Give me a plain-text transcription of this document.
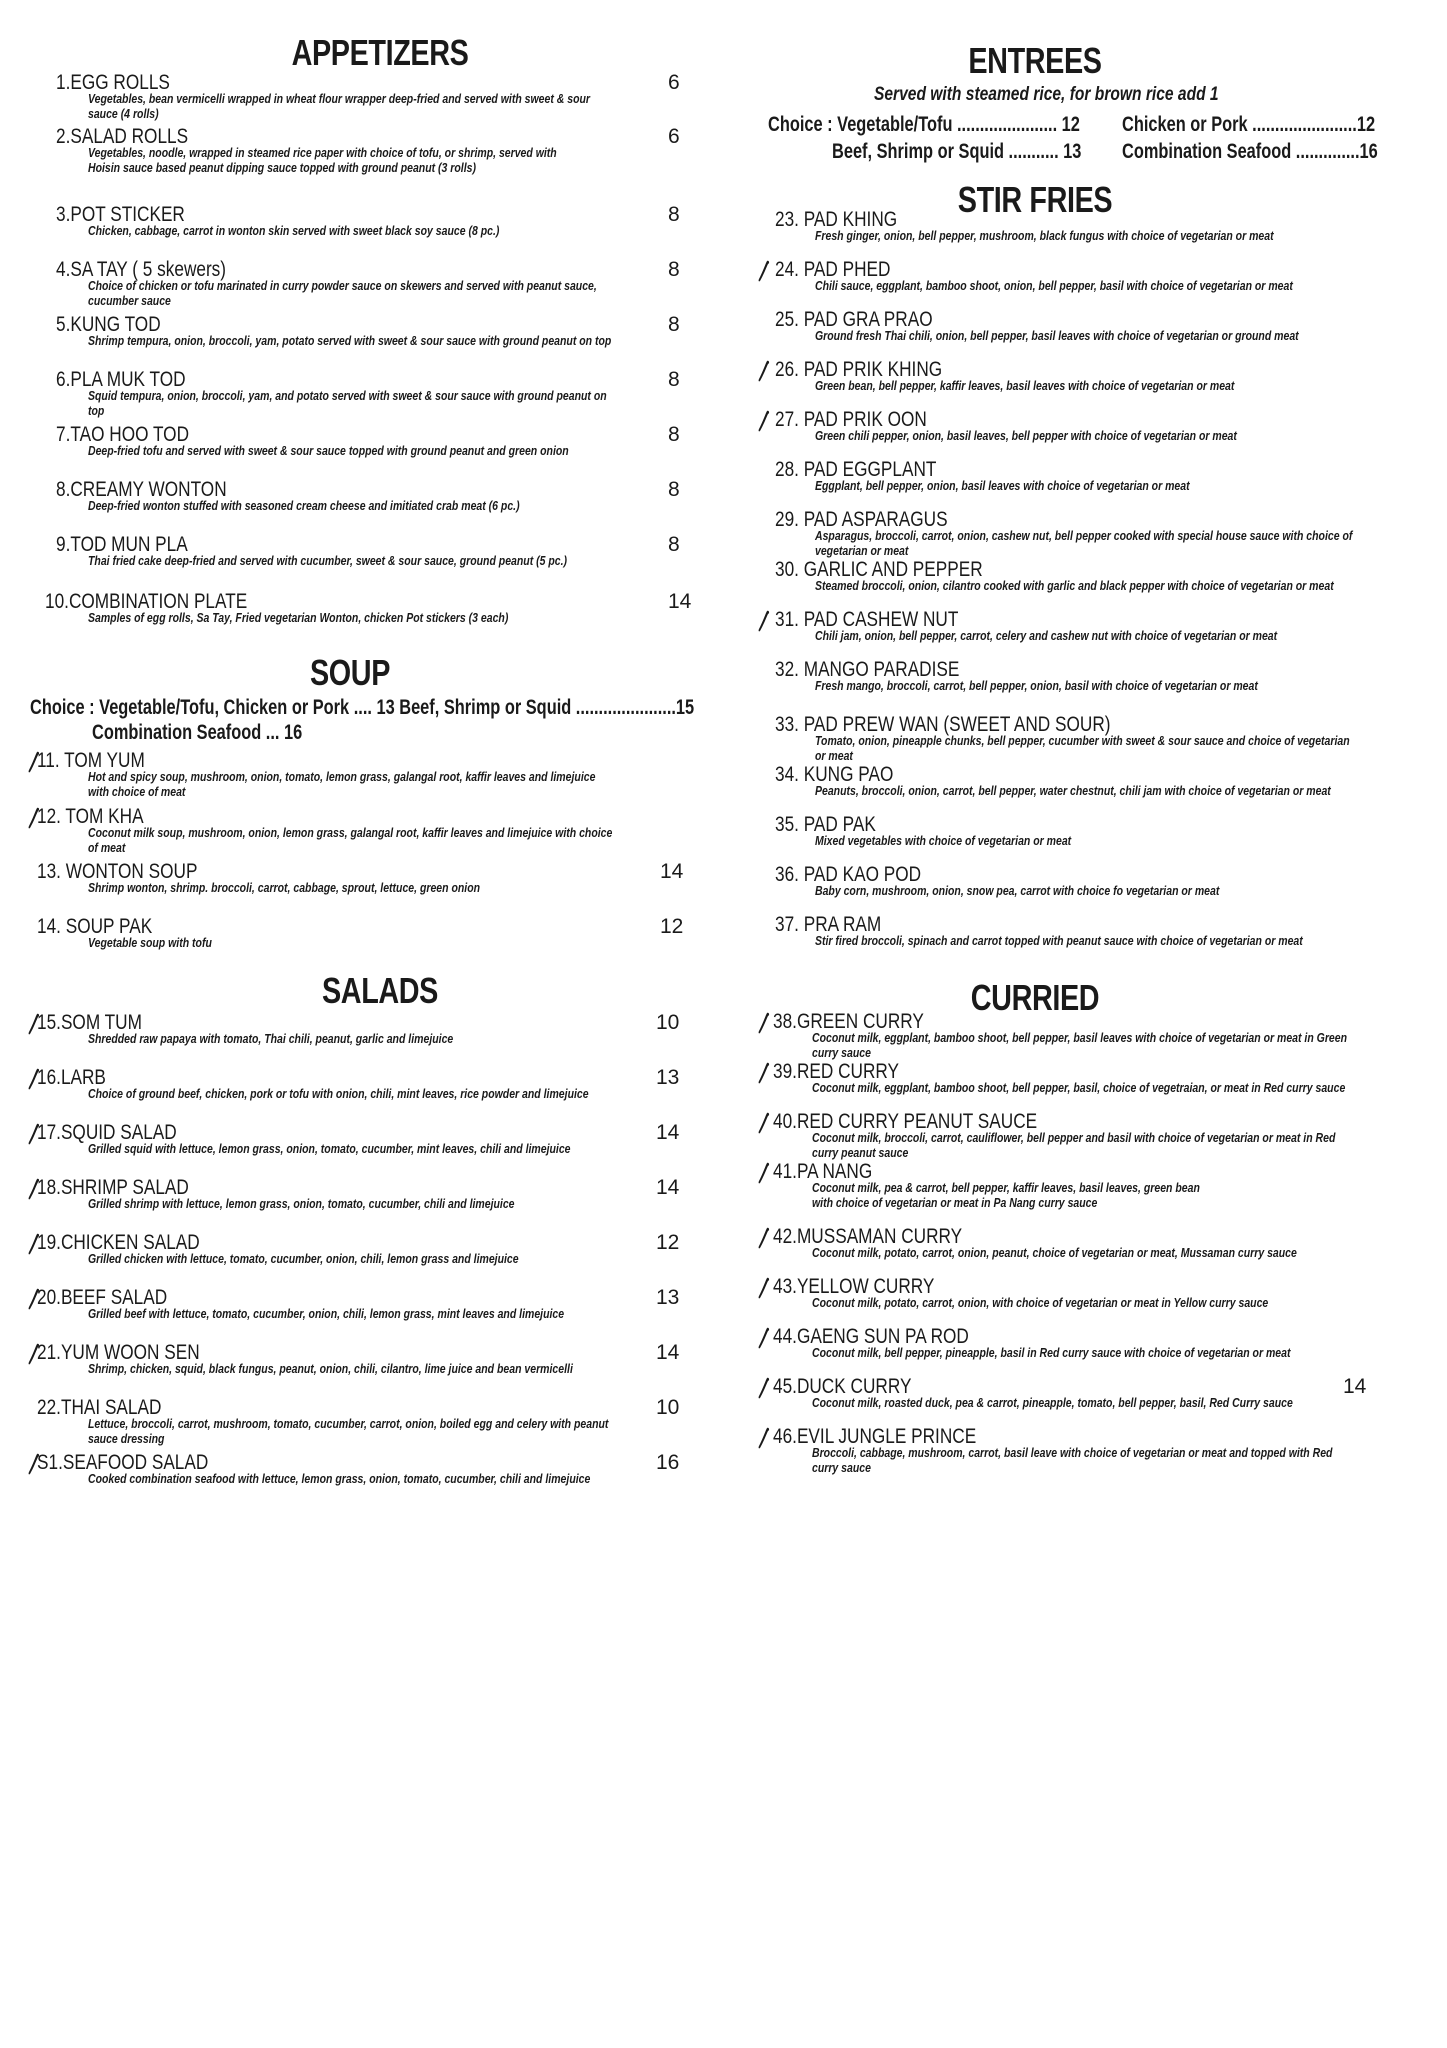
APPETIZERS
1.EGG ROLLS	6
Vegetables, bean vermicelli wrapped in wheat flour wrapper deep-fried and served with sweet & sour sauce (4 rolls)
2.SALAD ROLLS	6
Vegetables, noodle, wrapped in steamed rice paper with choice of tofu, or shrimp, served with
Hoisin sauce based peanut dipping sauce topped with ground peanut (3 rolls)
3.POT STICKER	8
Chicken, cabbage, carrot in wonton skin served with sweet black soy sauce (8 pc.)
4.SA TAY ( 5 skewers)	8
Choice of chicken or tofu marinated in curry powder sauce on skewers and served with peanut sauce, cucumber sauce
5.KUNG TOD	8
Shrimp tempura, onion, broccoli, yam, potato served with sweet & sour sauce with ground peanut on top
6.PLA MUK TOD	8
Squid tempura, onion, broccoli, yam, and potato served with sweet & sour sauce with ground peanut on top
7.TAO HOO TOD	8
Deep-fried tofu and served with sweet & sour sauce topped with ground peanut and green onion
8.CREAMY WONTON	8
Deep-fried wonton stuffed with seasoned cream cheese and imitiated crab meat (6 pc.)
9.TOD MUN PLA	8
Thai fried cake deep-fried and served with cucumber, sweet & sour sauce, ground peanut (5 pc.)
10.COMBINATION PLATE	14
Samples of egg rolls, Sa Tay, Fried vegetarian Wonton, chicken Pot stickers (3 each)
SOUP
Choice : Vegetable/Tofu, Chicken or Pork .... 13 Beef, Shrimp or Squid ......................15
Combination Seafood ... 16
11. TOM YUM
Hot and spicy soup, mushroom, onion, tomato, lemon grass, galangal root, kaffir leaves and limejuice with choice of meat
12. TOM KHA
Coconut milk soup, mushroom, onion, lemon grass, galangal root, kaffir leaves and limejuice with choice of meat
13. WONTON SOUP	14
Shrimp wonton, shrimp. broccoli, carrot, cabbage, sprout, lettuce, green onion
14. SOUP PAK	12
Vegetable soup with tofu
SALADS
15.SOM TUM	10
Shredded raw papaya with tomato, Thai chili, peanut, garlic and limejuice
16.LARB	13
Choice of ground beef, chicken, pork or tofu with onion, chili, mint leaves, rice powder and limejuice
17.SQUID SALAD	14
Grilled squid with lettuce, lemon grass, onion, tomato, cucumber, mint leaves, chili and limejuice
18.SHRIMP SALAD	14
Grilled shrimp with lettuce, lemon grass, onion, tomato, cucumber, chili and limejuice
19.CHICKEN SALAD	12
Grilled chicken with lettuce, tomato, cucumber, onion, chili, lemon grass and limejuice
20.BEEF SALAD	13
Grilled beef with lettuce, tomato, cucumber, onion, chili, lemon grass, mint leaves and limejuice
21.YUM WOON SEN	14
Shrimp, chicken, squid, black fungus, peanut, onion, chili, cilantro, lime juice and bean vermicelli
22.THAI SALAD	10
Lettuce, broccoli, carrot, mushroom, tomato, cucumber, carrot, onion, boiled egg and celery with peanut sauce dressing
S1.SEAFOOD SALAD	16
Cooked combination seafood with lettuce, lemon grass, onion, tomato, cucumber, chili and limejuice
ENTREES
Served with steamed rice, for brown rice add 1
Choice : Vegetable/Tofu ...................... 12 Chicken or Pork .......................12
Beef, Shrimp or Squid ........... 13 Combination Seafood ..............16
STIR FRIES
23. PAD KHING
Fresh ginger, onion, bell pepper, mushroom, black fungus with choice of vegetarian or meat
24. PAD PHED
Chili sauce, eggplant, bamboo shoot, onion, bell pepper, basil with choice of vegetarian or meat
25. PAD GRA PRAO
Ground fresh Thai chili, onion, bell pepper, basil leaves with choice of vegetarian or ground meat
26. PAD PRIK KHING
Green bean, bell pepper, kaffir leaves, basil leaves with choice of vegetarian or meat
27. PAD PRIK OON
Green chili pepper, onion, basil leaves, bell pepper with choice of vegetarian or meat
28. PAD EGGPLANT
Eggplant, bell pepper, onion, basil leaves with choice of vegetarian or meat
29. PAD ASPARAGUS
Asparagus, broccoli, carrot, onion, cashew nut, bell pepper cooked with special house sauce with choice of vegetarian or meat
30. GARLIC AND PEPPER
Steamed broccoli, onion, cilantro cooked with garlic and black pepper with choice of vegetarian or meat
31. PAD CASHEW NUT
Chili jam, onion, bell pepper, carrot, celery and cashew nut with choice of vegetarian or meat
32. MANGO PARADISE
Fresh mango, broccoli, carrot, bell pepper, onion, basil with choice of vegetarian or meat
33. PAD PREW WAN (SWEET AND SOUR)
Tomato, onion, pineapple chunks, bell pepper, cucumber with sweet & sour sauce and choice of vegetarian or meat
34. KUNG PAO
Peanuts, broccoli, onion, carrot, bell pepper, water chestnut, chili jam with choice of vegetarian or meat
35. PAD PAK
Mixed vegetables with choice of vegetarian or meat
36. PAD KAO POD
Baby corn, mushroom, onion, snow pea, carrot with choice fo vegetarian or meat
37. PRA RAM
Stir fired broccoli, spinach and carrot topped with peanut sauce with choice of vegetarian or meat
CURRIED
38.GREEN CURRY
Coconut milk, eggplant, bamboo shoot, bell pepper, basil leaves with choice of vegetarian or meat in Green curry sauce
39.RED CURRY
Coconut milk, eggplant, bamboo shoot, bell pepper, basil, choice of vegetraian, or meat in Red curry sauce
40.RED CURRY PEANUT SAUCE
Coconut milk, broccoli, carrot, cauliflower, bell pepper and basil with choice of vegetarian or meat in Red curry peanut sauce
41.PA NANG
Coconut milk, pea & carrot, bell pepper, kaffir leaves, basil leaves, green bean
with choice of vegetarian or meat in Pa Nang curry sauce
42.MUSSAMAN CURRY
Coconut milk, potato, carrot, onion, peanut, choice of vegetarian or meat, Mussaman curry sauce
43.YELLOW CURRY
Coconut milk, potato, carrot, onion, with choice of vegetarian or meat in Yellow curry sauce
44.GAENG SUN PA ROD
Coconut milk, bell pepper, pineapple, basil in Red curry sauce with choice of vegetarian or meat
45.DUCK CURRY	14
Coconut milk, roasted duck, pea & carrot, pineapple, tomato, bell pepper, basil, Red Curry sauce
46.EVIL JUNGLE PRINCE
Broccoli, cabbage, mushroom, carrot, basil leave with choice of vegetarian or meat and topped with Red curry sauce
